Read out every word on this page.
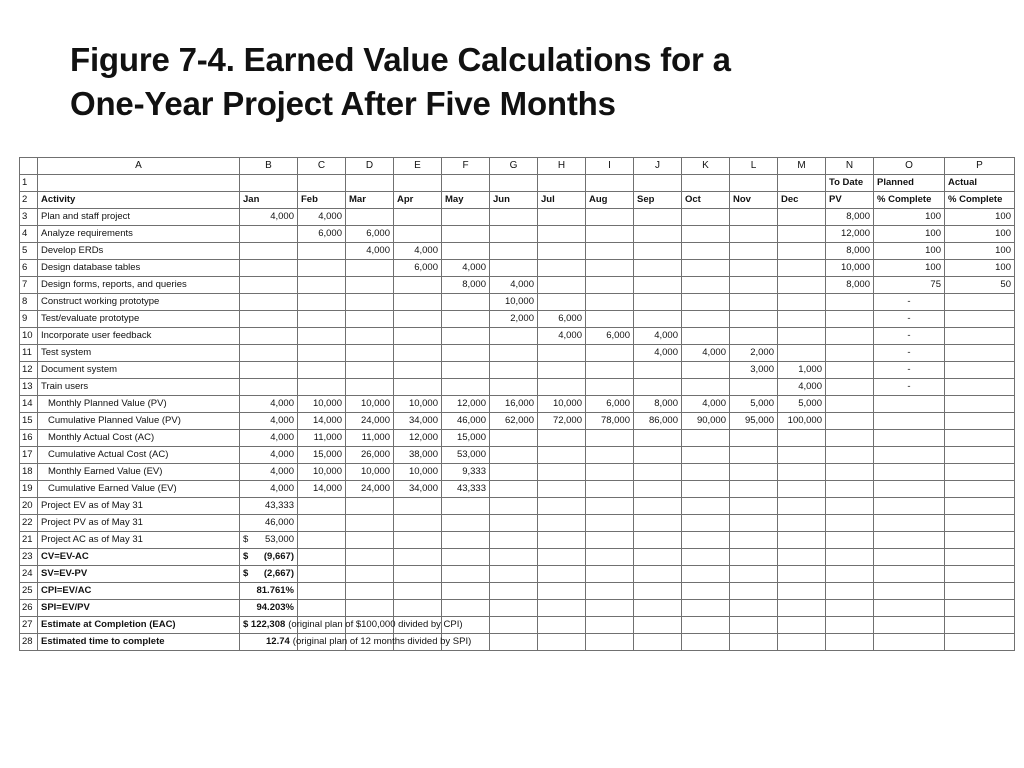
Figure 7-4. Earned Value Calculations for a
One-Year Project After Five Months
	A	B	C	D	E	F	G	H	I	J	K	L	M	N	O	P
1														To Date	Planned	Actual
2	Activity	Jan	Feb	Mar	Apr	May	Jun	Jul	Aug	Sep	Oct	Nov	Dec	PV	% Complete	% Complete
3	Plan and staff project	4,000	4,000											8,000	100	100
4	Analyze requirements		6,000	6,000										12,000	100	100
5	Develop ERDs			4,000	4,000									8,000	100	100
6	Design database tables				6,000	4,000								10,000	100	100
7	Design forms, reports, and queries					8,000	4,000							8,000	75	50
8	Construct working prototype						10,000								-	
9	Test/evaluate prototype						2,000	6,000							-	
10	Incorporate user feedback							4,000	6,000	4,000					-	
11	Test system									4,000	4,000	2,000			-	
12	Document system											3,000	1,000		-	
13	Train users												4,000		-	
14	Monthly Planned Value (PV)	4,000	10,000	10,000	10,000	12,000	16,000	10,000	6,000	8,000	4,000	5,000	5,000			
15	Cumulative Planned Value (PV)	4,000	14,000	24,000	34,000	46,000	62,000	72,000	78,000	86,000	90,000	95,000	100,000			
16	Monthly Actual Cost (AC)	4,000	11,000	11,000	12,000	15,000										
17	Cumulative Actual Cost (AC)	4,000	15,000	26,000	38,000	53,000										
18	Monthly Earned Value (EV)	4,000	10,000	10,000	10,000	9,333										
19	Cumulative Earned Value (EV)	4,000	14,000	24,000	34,000	43,333										
20	Project EV as of May 31	43,333														
22	Project PV as of May 31	46,000														
21	Project AC as of May 31	$ 53,000														
23	CV=EV-AC	$ (9,667)														
24	SV=EV-PV	$ (2,667)														
25	CPI=EV/AC	81.761%														
26	SPI=EV/PV	94.203%														
27	Estimate at Completion (EAC)	$ 122,308 (original plan of $100,000 divided by CPI)														
28	Estimated time to complete	12.74 (original plan of 12 months divided by SPI)														
